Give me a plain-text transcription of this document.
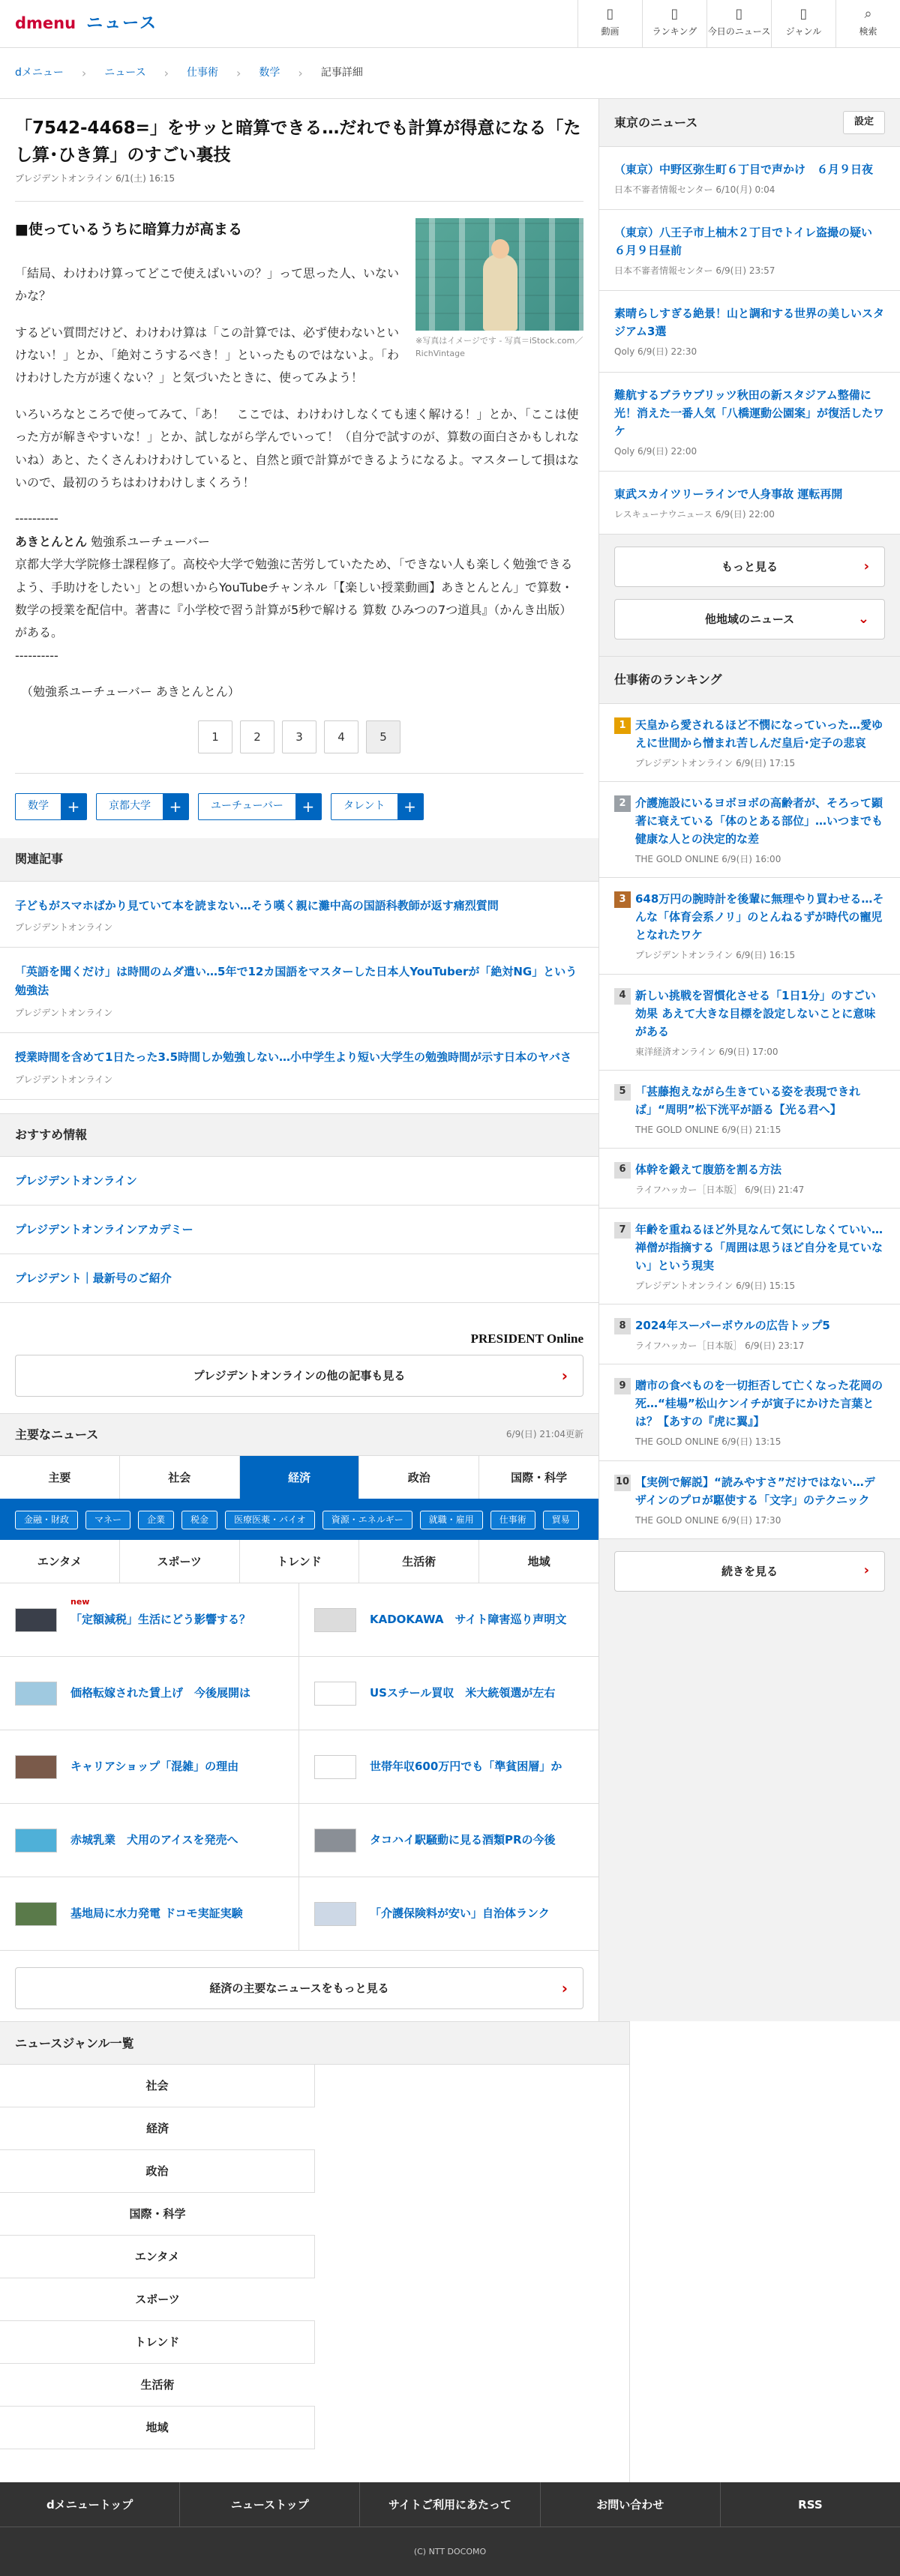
d menu ニュース	▯
動画
▯
ランキング
▯
今日のニュース
▯
ジャンル
⌕
検索
dメニュー › ニュース › 仕事術 › 数学 › 記事詳細
「7542-4468=」をサッと暗算できる…だれでも計算が得意になる「たし算･ひき算」のすごい裏技
プレジデントオンライン 6/1(土) 16:15
※写真はイメージです - 写真＝iStock.com／RichVintage
■使っているうちに暗算力が高まる

「結局、わけわけ算ってどこで使えばいいの？」って思った人、いないかな？

するどい質問だけど、わけわけ算は「この計算では、必ず使わないといけない！」とか、「絶対こうするべき！」といったものではないよ。「わけわけした方が速くない？」と気づいたときに、使ってみよう！

いろいろなところで使ってみて、「あ！　ここでは、わけわけしなくても速く解ける！」とか、「ここは使った方が解きやすいな！」とか、試しながら学んでいって！（自分で試すのが、算数の面白さかもしれないね）あと、たくさんわけわけしていると、自然と頭で計算ができるようになるよ。マスターして損はないので、最初のうちはわけわけしまくろう！

----------

あきとんとん 勉強系ユーチューバー

京都大学大学院修士課程修了。高校や大学で勉強に苦労していたため、「できない人も楽しく勉強できるよう、手助けをしたい」との想いからYouTubeチャンネル「【楽しい授業動画】あきとんとん」で算数・数学の授業を配信中。著書に『小学校で習う計算が5秒で解ける 算数 ひみつの7つ道具』（かんき出版）がある。

----------

（勉強系ユーチューバー あきとんとん）

1	2	3	4	5
数学	+	京都大学	+	ユーチューバー	+	タレント	+
関連記事
子どもがスマホばかり見ていて本を読まない…そう嘆く親に灘中高の国語科教師が返す痛烈質問
プレジデントオンライン
「英語を聞くだけ」は時間のムダ遣い…5年で12カ国語をマスターした日本人YouTuberが「絶対NG」という勉強法
プレジデントオンライン
授業時間を含めて1日たった3.5時間しか勉強しない…小中学生より短い大学生の勉強時間が示す日本のヤバさ
プレジデントオンライン
おすすめ情報
プレジデントオンライン
プレジデントオンラインアカデミー
プレジデント｜最新号のご紹介
PRESIDENT Online
プレジデントオンラインの他の記事も見る	›
主要なニュース	6/9(日) 21:04更新
主要	社会	経済	政治	国際・科学
金融・財政	マネー	企業	税金	医療医薬・バイオ	資源・エネルギー	就職・雇用	仕事術	貿易
エンタメ	スポーツ	トレンド	生活術	地域
new
「定額減税」生活にどう影響する？	KADOKAWA　サイト障害巡り声明文
価格転嫁された賃上げ　今後展開は	USスチール買収　米大統領選が左右
キャリアショップ「混雑」の理由	世帯年収600万円でも「準貧困層」か
赤城乳業　犬用のアイスを発売へ	タコハイ駅騒動に見る酒類PRの今後
基地局に水力発電 ドコモ実証実験	「介護保険料が安い」自治体ランク
経済の主要なニュースをもっと見る	›
東京のニュース	設定
（東京）中野区弥生町６丁目で声かけ　６月９日夜
日本不審者情報センター 6/10(月) 0:04
（東京）八王子市上柚木２丁目でトイレ盗撮の疑い　６月９日昼前
日本不審者情報センター 6/9(日) 23:57
素晴らしすぎる絶景！山と調和する世界の美しいスタジアム3選
Qoly 6/9(日) 22:30
難航するブラウブリッツ秋田の新スタジアム整備に光！消えた一番人気「八橋運動公園案」が復活したワケ
Qoly 6/9(日) 22:00
東武スカイツリーラインで人身事故 運転再開
レスキューナウニュース 6/9(日) 22:00
もっと見る	›
他地域のニュース	⌄
仕事術のランキング
1 天皇から愛されるほど不憫になっていった…愛ゆえに世間から憎まれ苦しんだ皇后･定子の悲哀
プレジデントオンライン 6/9(日) 17:15
2 介護施設にいるヨボヨボの高齢者が、そろって顕著に衰えている「体のとある部位」…いつまでも健康な人との決定的な差
THE GOLD ONLINE 6/9(日) 16:00
3 648万円の腕時計を後輩に無理やり買わせる…そんな「体育会系ノリ」のとんねるずが時代の寵児となれたワケ
プレジデントオンライン 6/9(日) 16:15
4 新しい挑戦を習慣化させる「1日1分」のすごい効果 あえて大きな目標を設定しないことに意味がある
東洋経済オンライン 6/9(日) 17:00
5 「甚藤抱えながら生きている姿を表現できれば」“周明”松下洸平が語る【光る君へ】
THE GOLD ONLINE 6/9(日) 21:15
6 体幹を鍛えて腹筋を割る方法
ライフハッカー［日本版］ 6/9(日) 21:47
7 年齢を重ねるほど外見なんて気にしなくていい…禅僧が指摘する「周囲は思うほど自分を見ていない」という現実
プレジデントオンライン 6/9(日) 15:15
8 2024年スーパーボウルの広告トップ5
ライフハッカー［日本版］ 6/9(日) 23:17
9 贈市の食べものを一切拒否して亡くなった花岡の死…“桂場”松山ケンイチが寅子にかけた言葉とは？【あすの『虎に翼』】
THE GOLD ONLINE 6/9(日) 13:15
10 【実例で解説】“読みやすさ”だけではない…デザインのプロが駆使する「文字」のテクニック
THE GOLD ONLINE 6/9(日) 17:30
続きを見る	›
ニュースジャンル一覧
社会
経済
政治
国際・科学
エンタメ
スポーツ
トレンド
生活術
地域
dメニュートップ	ニューストップ	サイトご利用にあたって	お問い合わせ	RSS
(C) NTT DOCOMO
